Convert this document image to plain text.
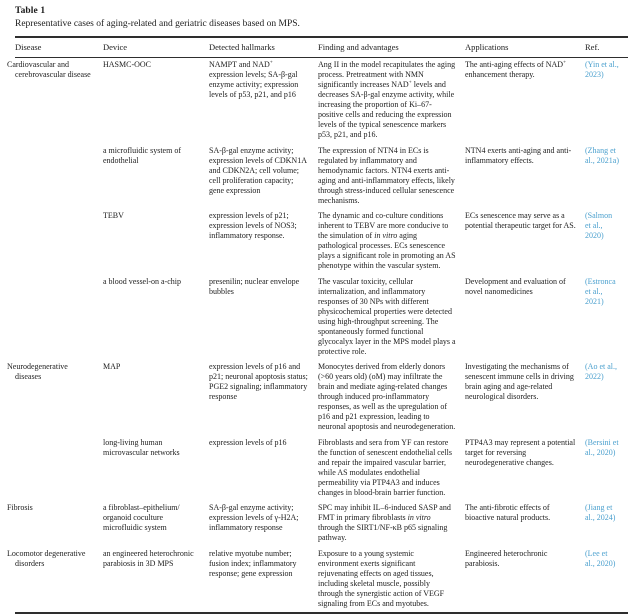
Table 1
Representative cases of aging-related and geriatric diseases based on MPS.
Disease	Device	Detected hallmarks	Finding and advantages	Applications	Ref.
Cardiovascular and cerebrovascular disease	HASMC-OOC	NAMPT and NAD+ expression levels; SA-β-gal enzyme activity; expression levels of p53, p21, and p16	Ang II in the model recapitulates the aging process. Pretreatment with NMN significantly increases NAD+ levels and decreases SA-β-gal enzyme activity, while increasing the proportion of Ki–67-positive cells and reducing the expression levels of the typical senescence markers p53, p21, and p16.	The anti-aging effects of NAD+ enhancement therapy.	(Yin et al., 2023)
	a microfluidic system of endothelial	SA-β-gal enzyme activity; expression levels of CDKN1A and CDKN2A; cell volume; cell proliferation capacity; gene expression	The expression of NTN4 in ECs is regulated by inflammatory and hemodynamic factors. NTN4 exerts anti-aging and anti-inflammatory effects, likely through stress-induced cellular senescence mechanisms.	NTN4 exerts anti-aging and anti-inflammatory effects.	(Zhang et al., 2021a)
	TEBV	expression levels of p21; expression levels of NOS3; inflammatory response.	The dynamic and co-culture conditions inherent to TEBV are more conducive to the simulation of in vitro aging pathological processes. ECs senescence plays a significant role in promoting an AS phenotype within the vascular system.	ECs senescence may serve as a potential therapeutic target for AS.	(Salmon et al., 2020)
	a blood vessel-on a-chip	presenilin; nuclear envelope bubbles	The vascular toxicity, cellular internalization, and inflammatory responses of 30 NPs with different physicochemical properties were detected using high-throughput screening. The spontaneously formed functional glycocalyx layer in the MPS model plays a protective role.	Development and evaluation of novel nanomedicines	(Estronca et al., 2021)
Neurodegenerative diseases	MAP	expression levels of p16 and p21; neuronal apoptosis status; PGE2 signaling; inflammatory response	Monocytes derived from elderly donors (>60 years old) (oM) may infiltrate the brain and mediate aging-related changes through induced pro-inflammatory responses, as well as the upregulation of p16 and p21 expression, leading to neuronal apoptosis and neurodegeneration.	Investigating the mechanisms of senescent immune cells in driving brain aging and age-related neurological disorders.	(Ao et al., 2022)
	long-living human microvascular networks	expression levels of p16	Fibroblasts and sera from YF can restore the function of senescent endothelial cells and repair the impaired vascular barrier, while AS modulates endothelial permeability via PTP4A3 and induces changes in blood-brain barrier function.	PTP4A3 may represent a potential target for reversing neurodegenerative changes.	(Bersini et al., 2020)
Fibrosis	a fibroblast–epithelium/ organoid coculture microfluidic system	SA-β-gal enzyme activity; expression levels of γ-H2A; inflammatory response	SPC may inhibit IL–6-induced SASP and FMT in primary fibroblasts in vitro through the SIRT1/NF-κB p65 signaling pathway.	The anti-fibrotic effects of bioactive natural products.	(Jiang et al., 2024)
Locomotor degenerative disorders	an engineered heterochronic parabiosis in 3D MPS	relative myotube number; fusion index; inflammatory response; gene expression	Exposure to a young systemic environment exerts significant rejuvenating effects on aged tissues, including skeletal muscle, possibly through the synergistic action of VEGF signaling from ECs and myotubes.	Engineered heterochronic parabiosis.	(Lee et al., 2020)
